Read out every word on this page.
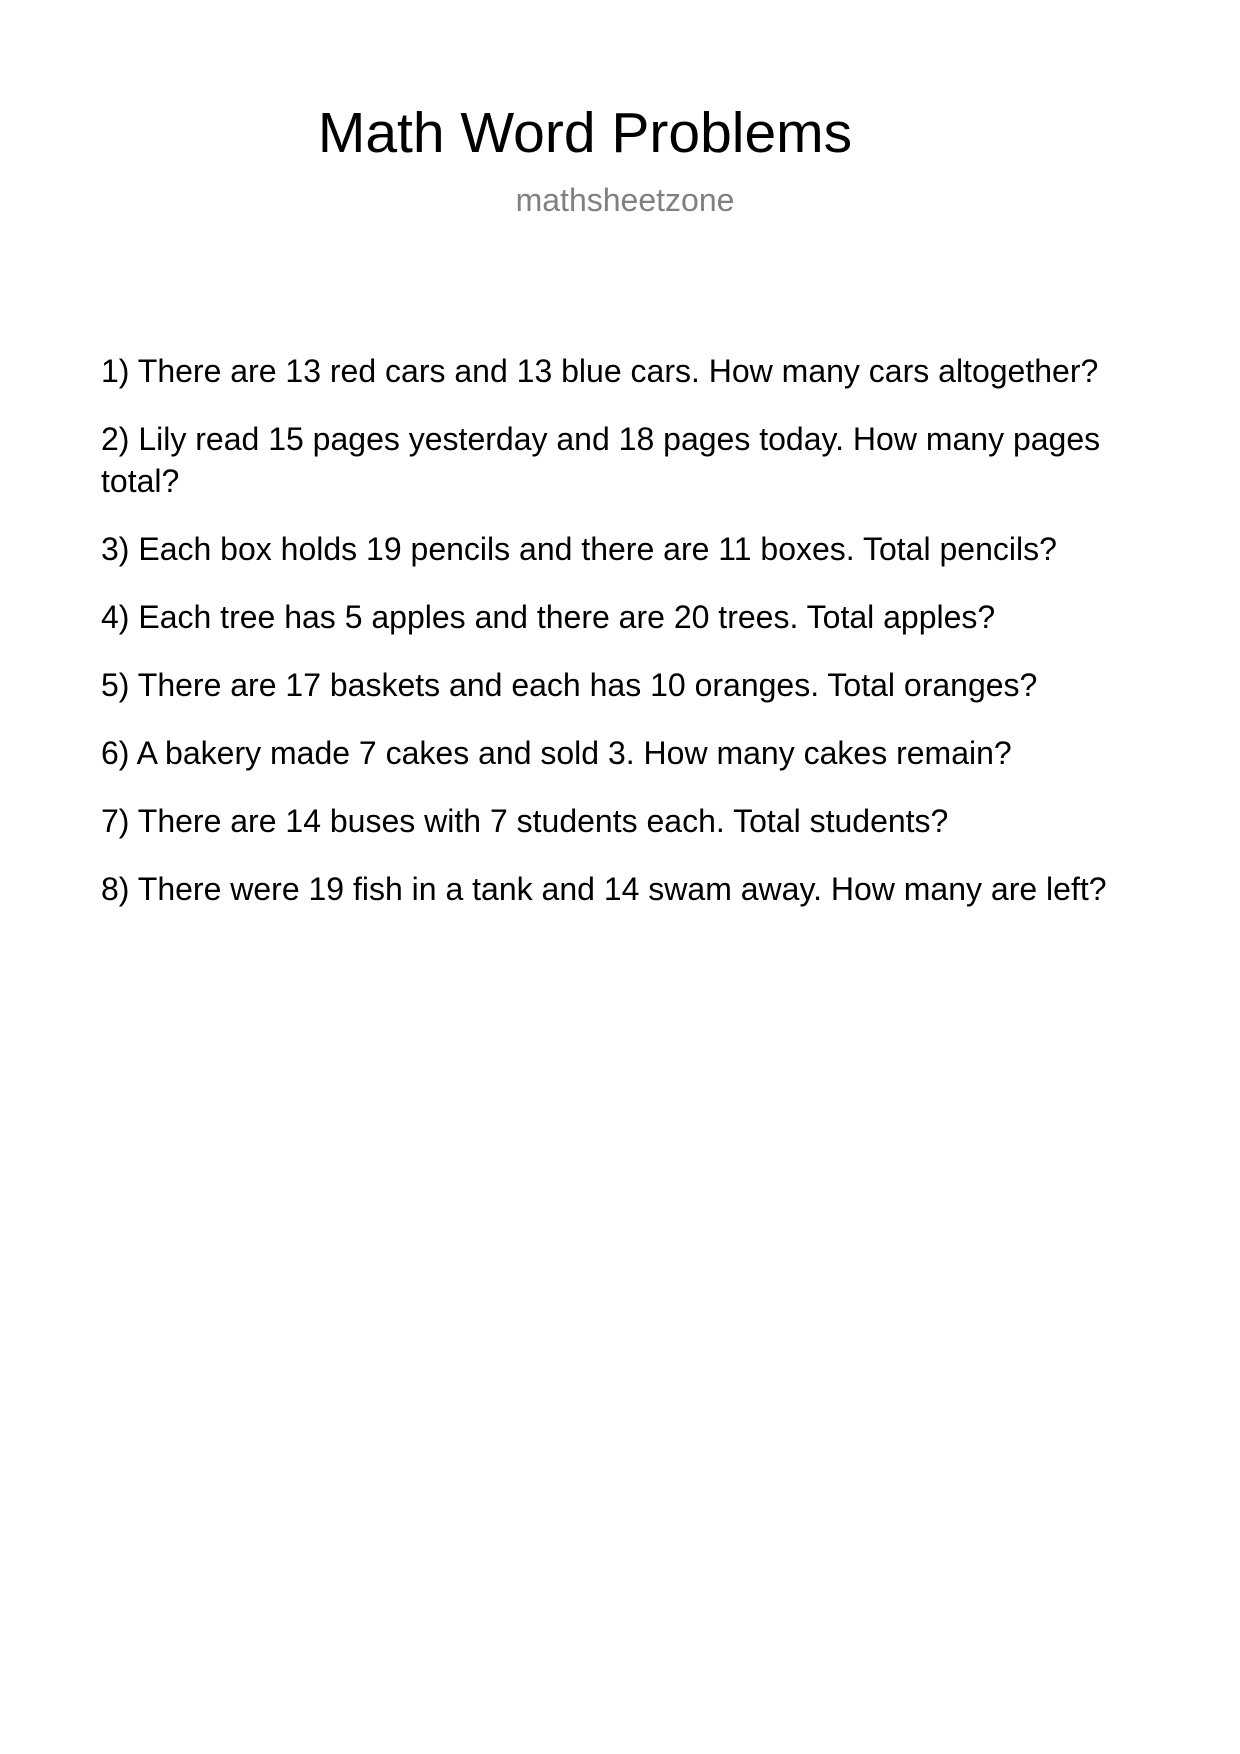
Math Word Problems
mathsheetzone

1) There are 13 red cars and 13 blue cars. How many cars altogether?

2) Lily read 15 pages yesterday and 18 pages today. How many pages total?

3) Each box holds 19 pencils and there are 11 boxes. Total pencils?

4) Each tree has 5 apples and there are 20 trees. Total apples?

5) There are 17 baskets and each has 10 oranges. Total oranges?

6) A bakery made 7 cakes and sold 3. How many cakes remain?

7) There are 14 buses with 7 students each. Total students?

8) There were 19 fish in a tank and 14 swam away. How many are left?
